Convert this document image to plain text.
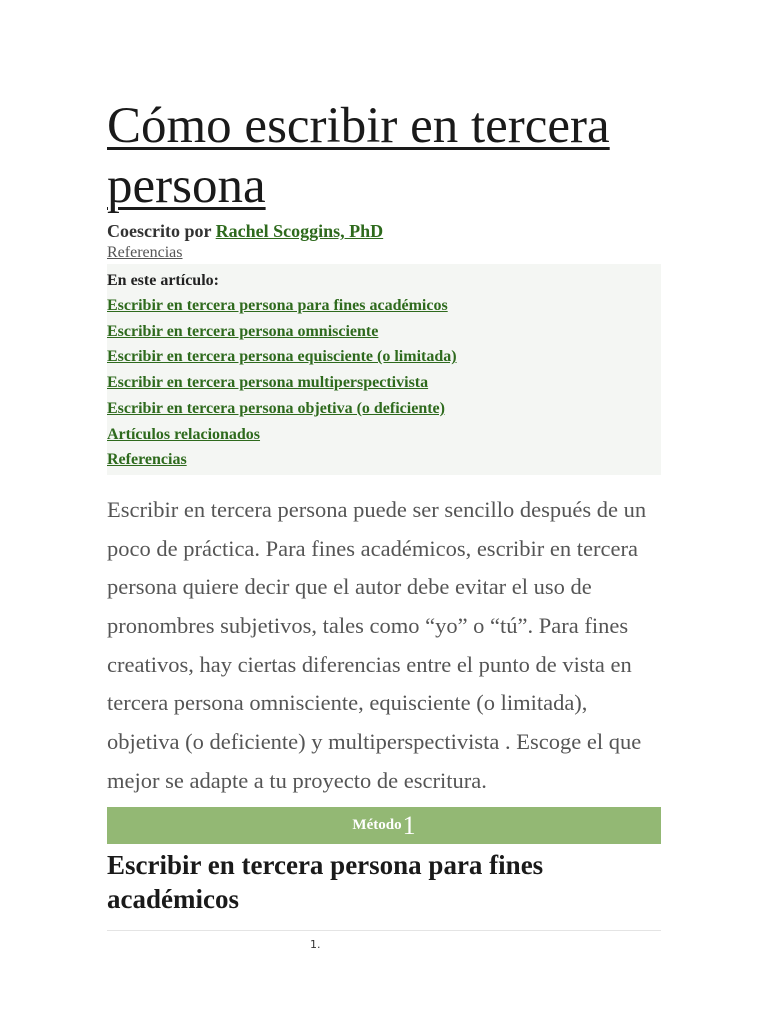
Cómo escribir en tercera persona
Coescrito por Rachel Scoggins, PhD
Referencias
En este artículo:
Escribir en tercera persona para fines académicos
Escribir en tercera persona omnisciente
Escribir en tercera persona equisciente (o limitada)
Escribir en tercera persona multiperspectivista
Escribir en tercera persona objetiva (o deficiente)
Artículos relacionados
Referencias
Escribir en tercera persona puede ser sencillo después de un poco de práctica. Para fines académicos, escribir en tercera persona quiere decir que el autor debe evitar el uso de pronombres subjetivos, tales como “yo” o “tú”. Para fines creativos, hay ciertas diferencias entre el punto de vista en tercera persona omnisciente, equisciente (o limitada), objetiva (o deficiente) y multiperspectivista . Escoge el que mejor se adapte a tu proyecto de escritura.
Método 1
Escribir en tercera persona para fines académicos
1.
